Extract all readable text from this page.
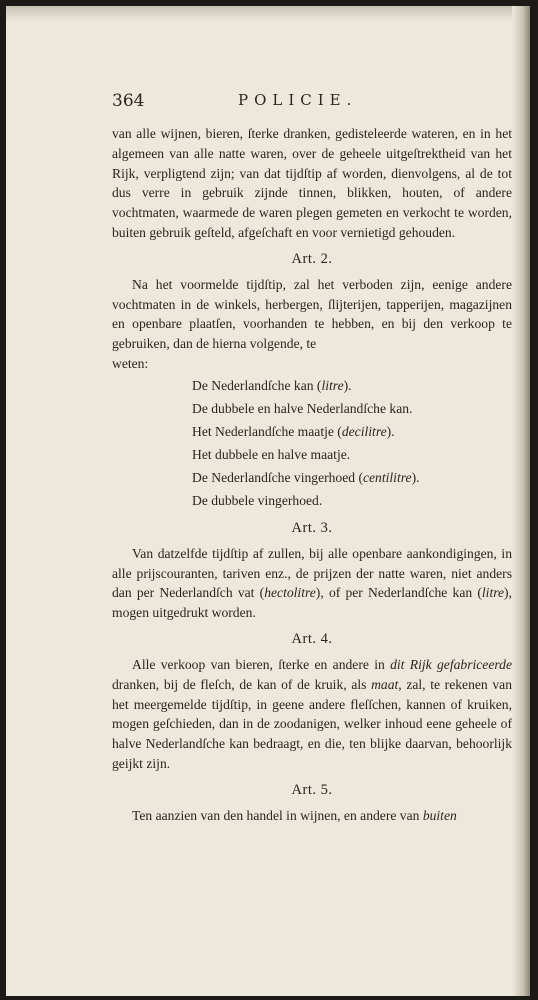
364	POLICIE.

van alle wijnen, bieren, ſterke dranken, gedisteleerde wateren, en in het algemeen van alle natte waren, over de geheele uitgeſtrektheid van het Rijk, verpligtend zijn; van dat tijdſtip af worden, dienvolgens, al de tot dus verre in gebruik zijnde tinnen, blikken, houten, of andere vochtmaten, waarmede de waren plegen gemeten en verkocht te worden, buiten gebruik geſteld, afgeſchaft en voor vernietigd gehouden.

Art. 2.

Na het voormelde tijdſtip, zal het verboden zijn, eenige andere vochtmaten in de winkels, herbergen, ſlijterijen, tapperijen, magazijnen en openbare plaatſen, voorhanden te hebben, en bij den verkoop te gebruiken, dan de hierna volgende, te

weten:

De Nederlandſche kan (litre).
De dubbele en halve Nederlandſche kan.
Het Nederlandſche maatje (decilitre).
Het dubbele en halve maatje.
De Nederlandſche vingerhoed (centilitre).
De dubbele vingerhoed.
Art. 3.

Van datzelfde tijdſtip af zullen, bij alle openbare aankondigingen, in alle prijscouranten, tariven enz., de prijzen der natte waren, niet anders dan per Nederlandſch vat (hectolitre), of per Nederlandſche kan (litre), mogen uitgedrukt worden.

Art. 4.

Alle verkoop van bieren, ſterke en andere in dit Rijk gefabriceerde dranken, bij de fleſch, de kan of de kruik, als maat, zal, te rekenen van het meergemelde tijdſtip, in geene andere fleſſchen, kannen of kruiken, mogen geſchieden, dan in de zoodanigen, welker inhoud eene geheele of halve Nederlandſche kan bedraagt, en die, ten blijke daarvan, behoorlijk geijkt zijn.

Art. 5.

Ten aanzien van den handel in wijnen, en andere van buiten
